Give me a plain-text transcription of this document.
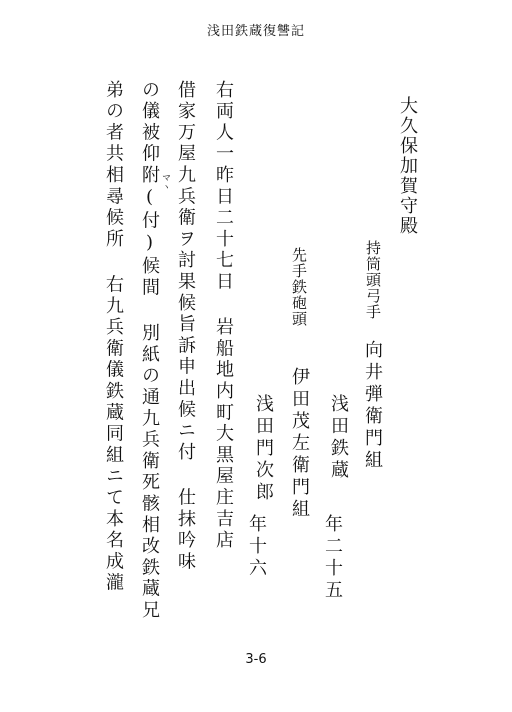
浅田鉄蔵復讐記
大久保加賀守殿
持筒頭弓手
向井弾衛門組
浅田鉄蔵
年二十五
先手鉄砲頭
伊田茂左衛門組
浅田門次郎
年十六
右両人一昨日二十七日 岩船地内町大黒屋庄吉店
借家万屋九兵衛ヲ討果候旨訴申出候ニ付 仕抹吟味
マヽ
の儀被仰附(付)候間 別紙の通九兵衛死骸相改鉄蔵兄
弟の者共相尋候所 右九兵衛儀鉄蔵同組ニて本名成瀧
3-6
